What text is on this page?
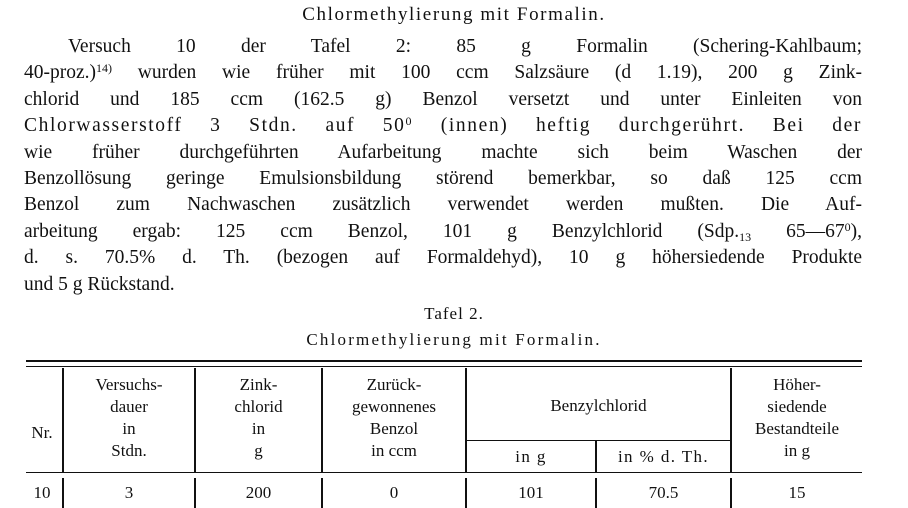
Chlormethylierung mit Formalin.
Versuch 10 der Tafel 2: 85 g Formalin (Schering-Kahlbaum;
40-proz.)$^{14)}$ wurden wie früher mit 100 ccm Salzsäure (d 1.19), 200 g Zink-
chlorid und 185 ccm (162.5 g) Benzol versetzt und unter Einleiten von
Chlorwasserstoff 3 Stdn. auf $50^0$ (innen) heftig durchgerührt. Bei der
wie früher durchgeführten Aufarbeitung machte sich beim Waschen der
Benzollösung geringe Emulsionsbildung störend bemerkbar, so daß 125 ccm
Benzol zum Nachwaschen zusätzlich verwendet werden mußten. Die Auf-
arbeitung ergab: 125 ccm Benzol, 101 g Benzylchlorid ($Sdp._{13}$ $65—67^0$),
d. s. 70.5% d. Th. (bezogen auf Formaldehyd), 10 g höhersiedende Produkte
und 5 g Rückstand.
Tafel 2.
Chlormethylierung mit Formalin.
Nr.
Versuchs-
dauer
in
Stdn.
Zink-
chlorid
in
g
Zurück-
gewonnenes
Benzol
in ccm
Benzylchlorid
in g	in % d. Th.
Höher-
siedende
Bestandteile
in g
10	3	200	0	101	70.5	15
